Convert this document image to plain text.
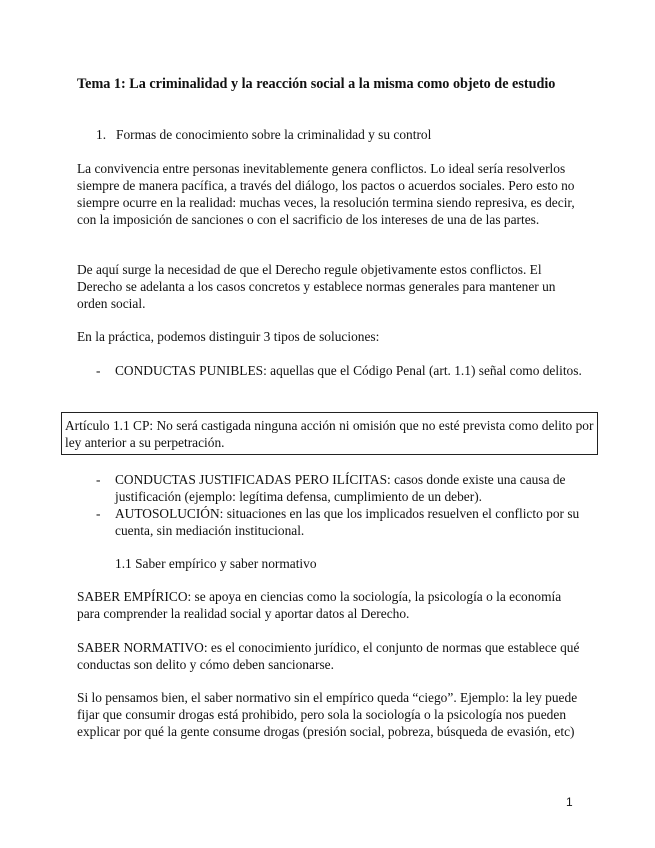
Tema 1: La criminalidad y la reacción social a la misma como objeto de estudio
1. Formas de conocimiento sobre la criminalidad y su control

La convivencia entre personas inevitablemente genera conflictos. Lo ideal sería resolverlos siempre de manera pacífica, a través del diálogo, los pactos o acuerdos sociales. Pero esto no siempre ocurre en la realidad: muchas veces, la resolución termina siendo represiva, es decir, con la imposición de sanciones o con el sacrificio de los intereses de una de las partes.

De aquí surge la necesidad de que el Derecho regule objetivamente estos conflictos. El Derecho se adelanta a los casos concretos y establece normas generales para mantener un orden social.

En la práctica, podemos distinguir 3 tipos de soluciones:

- CONDUCTAS PUNIBLES: aquellas que el Código Penal (art. 1.1) señal como delitos.
Artículo 1.1 CP: No será castigada ninguna acción ni omisión que no esté prevista como delito por ley anterior a su perpetración.
- CONDUCTAS JUSTIFICADAS PERO ILÍCITAS: casos donde existe una causa de justificación (ejemplo: legítima defensa, cumplimiento de un deber).
- AUTOSOLUCIÓN: situaciones en las que los implicados resuelven el conflicto por su cuenta, sin mediación institucional.
1.1 Saber empírico y saber normativo

SABER EMPÍRICO: se apoya en ciencias como la sociología, la psicología o la economía para comprender la realidad social y aportar datos al Derecho.

SABER NORMATIVO: es el conocimiento jurídico, el conjunto de normas que establece qué conductas son delito y cómo deben sancionarse.

Si lo pensamos bien, el saber normativo sin el empírico queda “ciego”. Ejemplo: la ley puede fijar que consumir drogas está prohibido, pero sola la sociología o la psicología nos pueden explicar por qué la gente consume drogas (presión social, pobreza, búsqueda de evasión, etc)

1
